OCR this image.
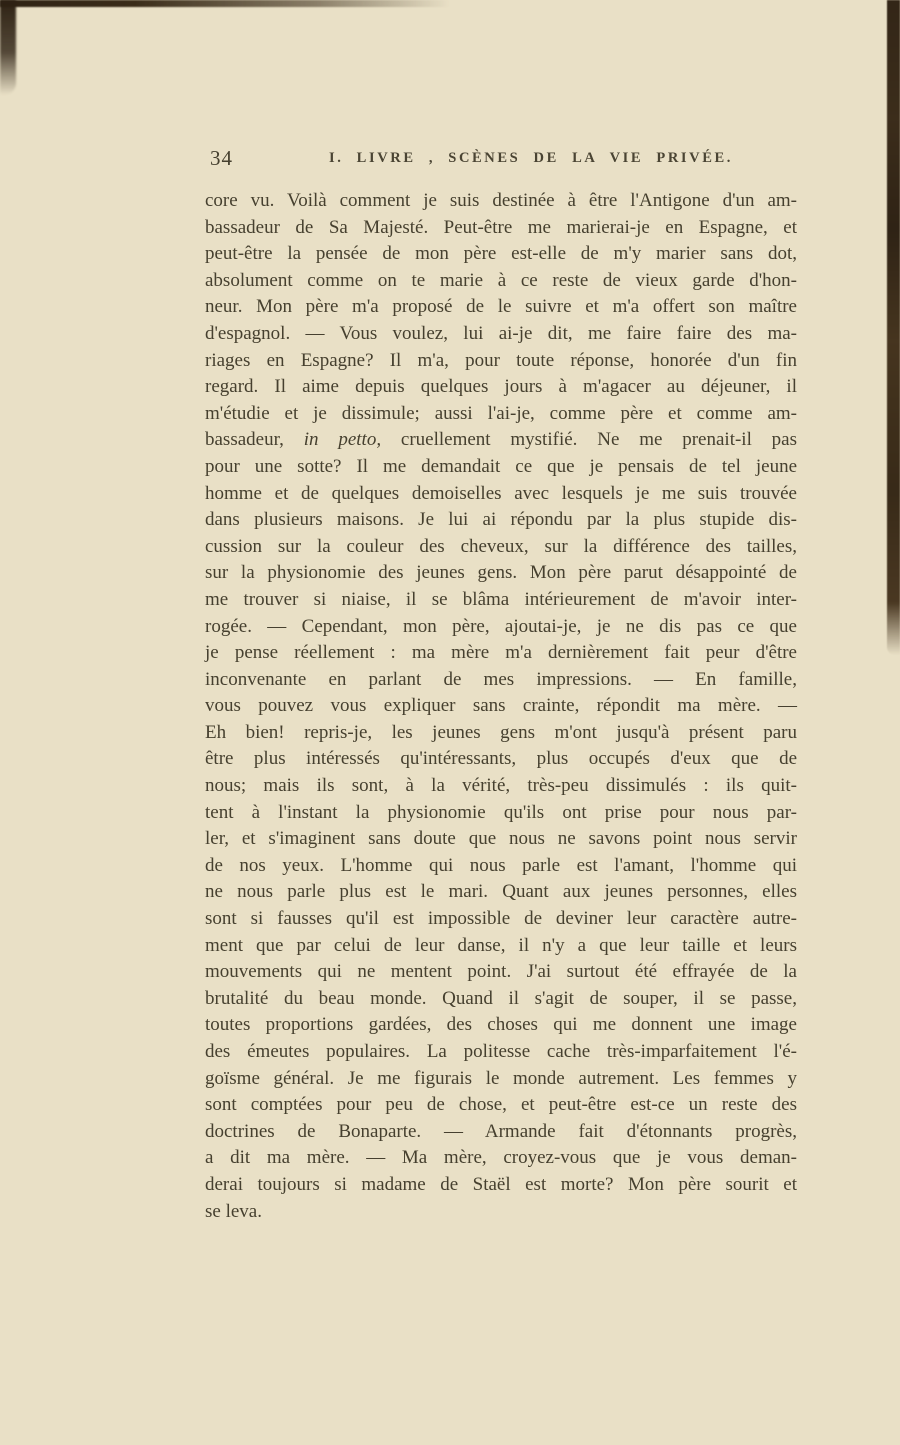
34	I. LIVRE , SCÈNES DE LA VIE PRIVÉE.
core vu. Voilà comment je suis destinée à être l'Antigone d'un am-
bassadeur de Sa Majesté. Peut-être me marierai-je en Espagne, et
peut-être la pensée de mon père est-elle de m'y marier sans dot,
absolument comme on te marie à ce reste de vieux garde d'hon-
neur. Mon père m'a proposé de le suivre et m'a offert son maître
d'espagnol. — Vous voulez, lui ai-je dit, me faire faire des ma-
riages en Espagne? Il m'a, pour toute réponse, honorée d'un fin
regard. Il aime depuis quelques jours à m'agacer au déjeuner, il
m'étudie et je dissimule; aussi l'ai-je, comme père et comme am-
bassadeur, in petto, cruellement mystifié. Ne me prenait-il pas
pour une sotte? Il me demandait ce que je pensais de tel jeune
homme et de quelques demoiselles avec lesquels je me suis trouvée
dans plusieurs maisons. Je lui ai répondu par la plus stupide dis-
cussion sur la couleur des cheveux, sur la différence des tailles,
sur la physionomie des jeunes gens. Mon père parut désappointé de
me trouver si niaise, il se blâma intérieurement de m'avoir inter-
rogée. — Cependant, mon père, ajoutai-je, je ne dis pas ce que
je pense réellement : ma mère m'a dernièrement fait peur d'être
inconvenante en parlant de mes impressions. — En famille,
vous pouvez vous expliquer sans crainte, répondit ma mère. —
Eh bien! repris-je, les jeunes gens m'ont jusqu'à présent paru
être plus intéressés qu'intéressants, plus occupés d'eux que de
nous; mais ils sont, à la vérité, très-peu dissimulés : ils quit-
tent à l'instant la physionomie qu'ils ont prise pour nous par-
ler, et s'imaginent sans doute que nous ne savons point nous servir
de nos yeux. L'homme qui nous parle est l'amant, l'homme qui
ne nous parle plus est le mari. Quant aux jeunes personnes, elles
sont si fausses qu'il est impossible de deviner leur caractère autre-
ment que par celui de leur danse, il n'y a que leur taille et leurs
mouvements qui ne mentent point. J'ai surtout été effrayée de la
brutalité du beau monde. Quand il s'agit de souper, il se passe,
toutes proportions gardées, des choses qui me donnent une image
des émeutes populaires. La politesse cache très-imparfaitement l'é-
goïsme général. Je me figurais le monde autrement. Les femmes y
sont comptées pour peu de chose, et peut-être est-ce un reste des
doctrines de Bonaparte. — Armande fait d'étonnants progrès,
a dit ma mère. — Ma mère, croyez-vous que je vous deman-
derai toujours si madame de Staël est morte? Mon père sourit et
se leva.
